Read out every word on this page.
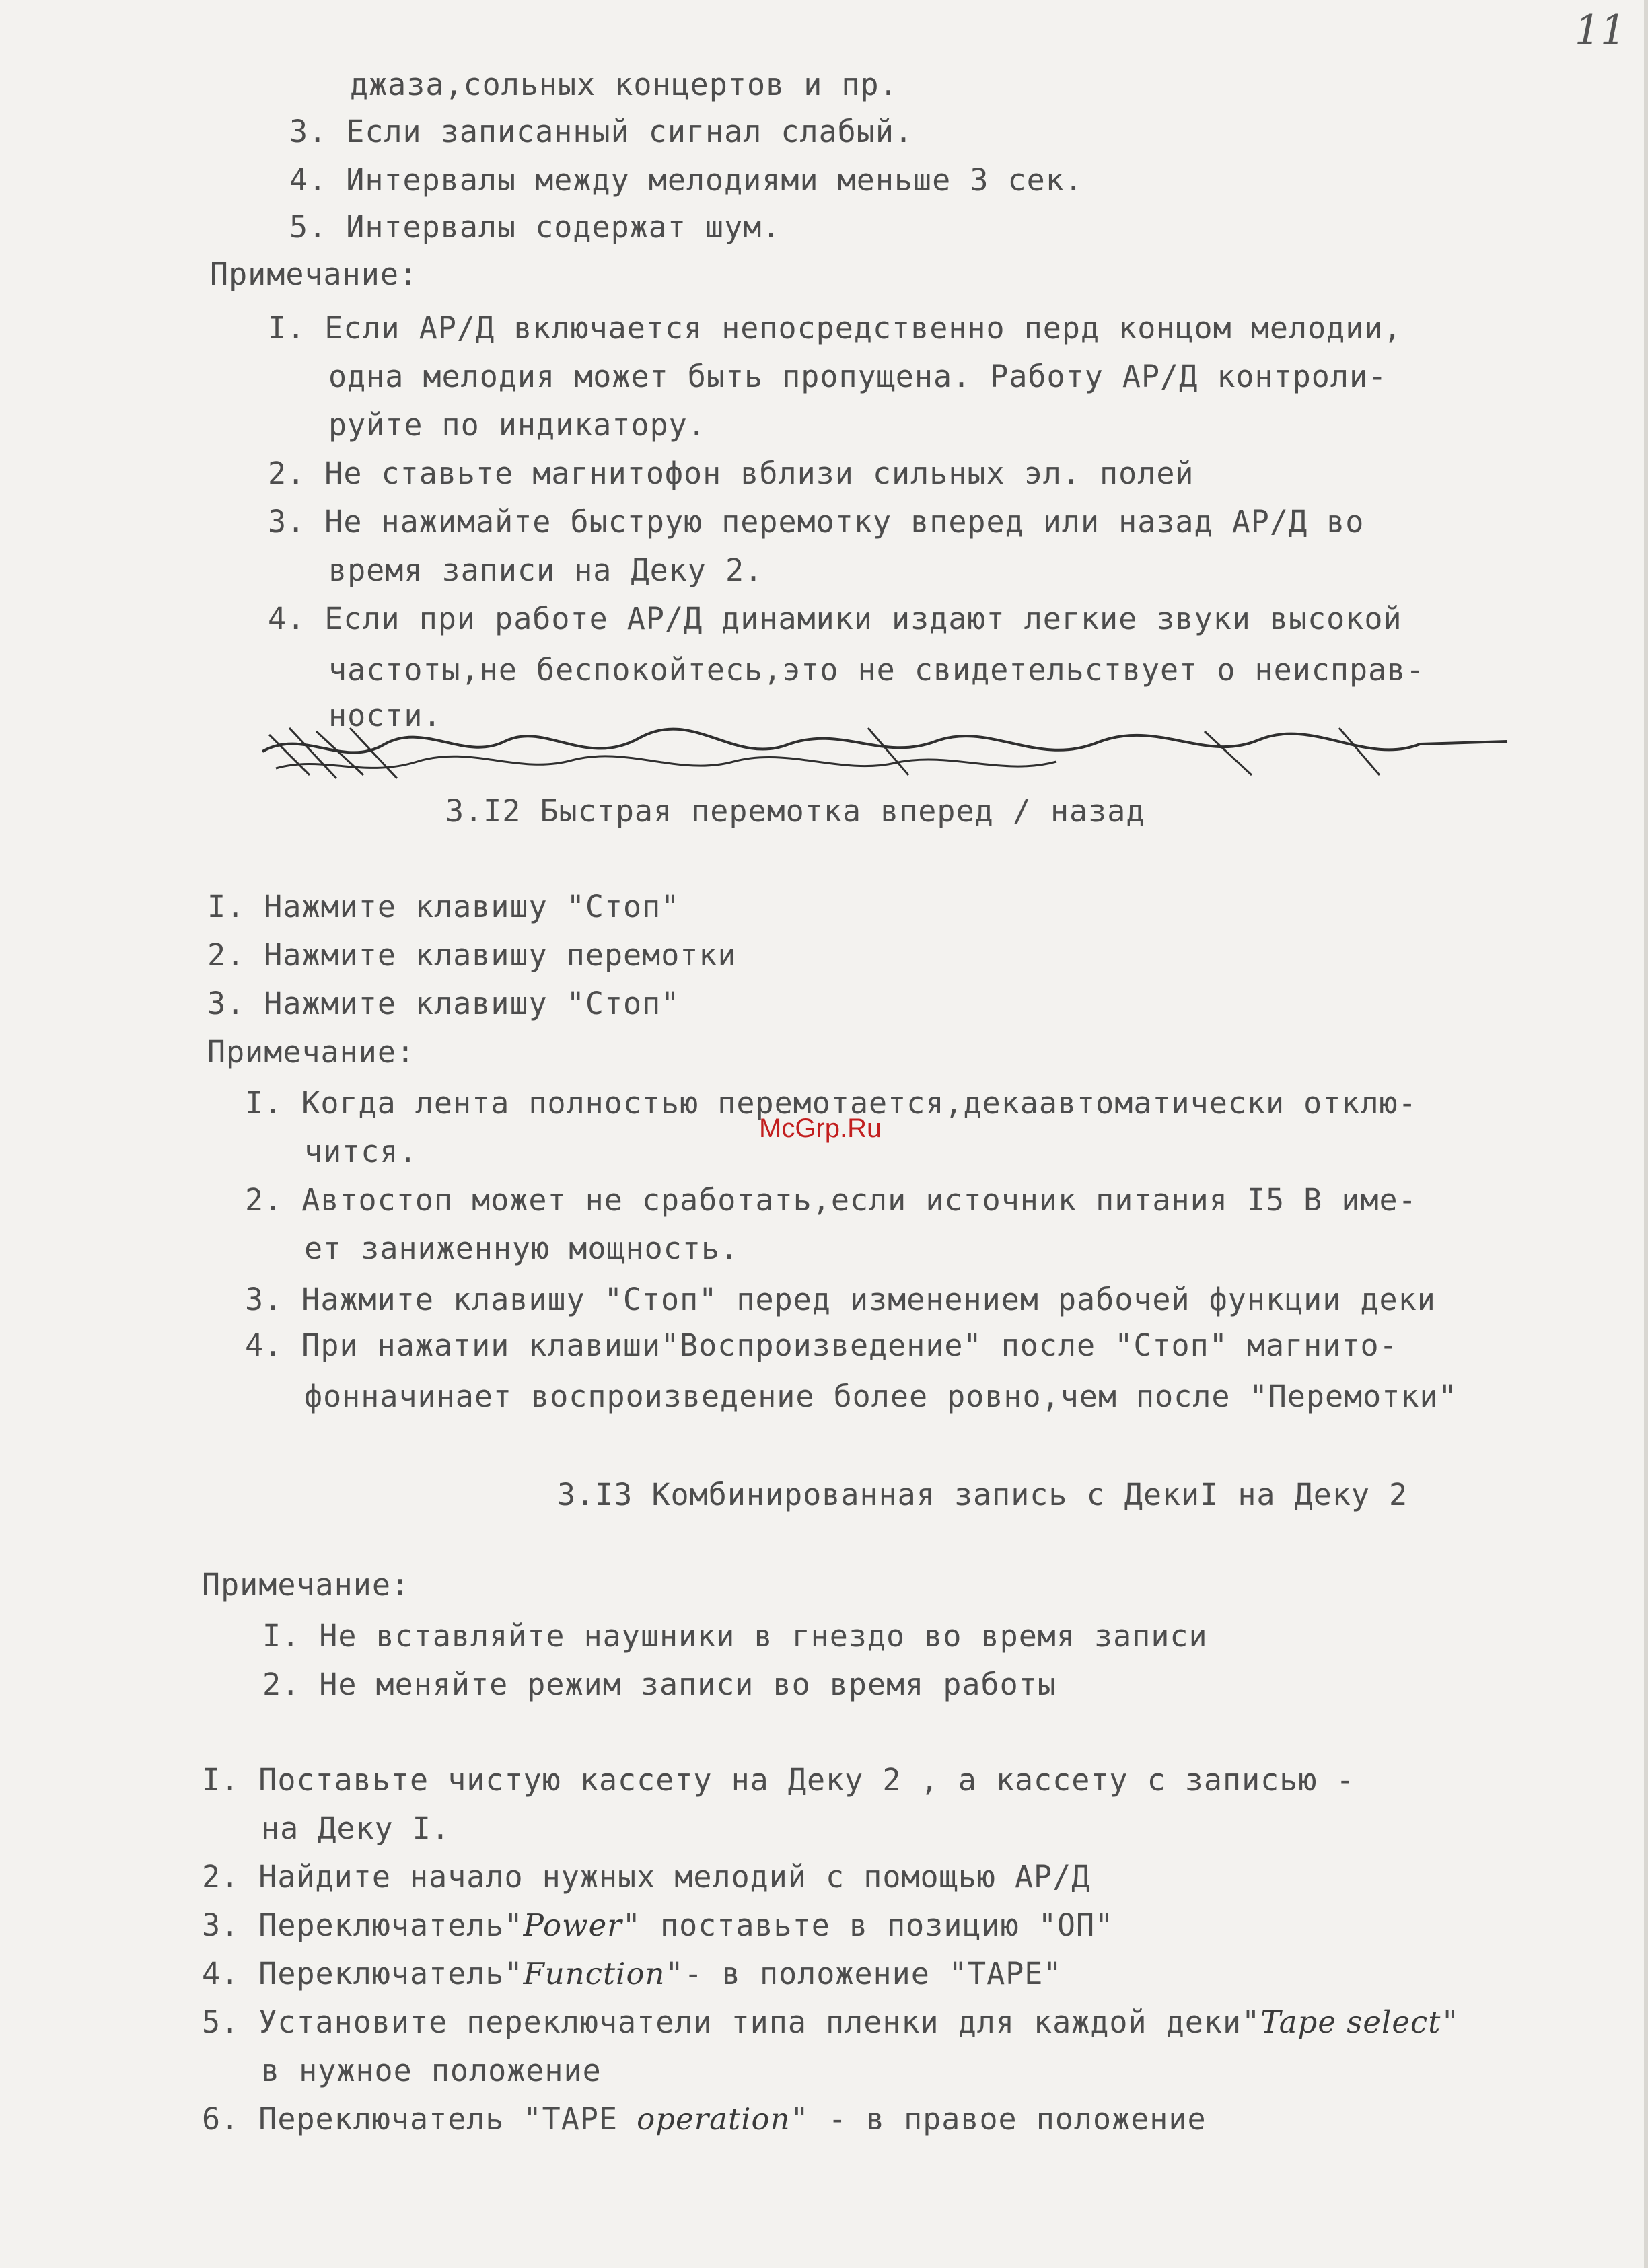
11
джаза,сольных концертов и пр.
3. Если записанный сигнал слабый.
4. Интервалы между мелодиями меньше 3 сек.
5. Интервалы содержат шум.
Примечание:
I. Если АР/Д включается непосредственно перд концом мелодии,
одна мелодия может быть пропущена. Работу АР/Д контроли-
руйте по индикатору.
2. Не ставьте магнитофон вблизи сильных эл. полей
3. Не нажимайте быструю перемотку вперед или назад АР/Д во
время записи на Деку 2.
4. Если при работе АР/Д динамики издают легкие звуки высокой
частоты,не беспокойтесь,это не свидетельствует о неисправ-
ности.
3.I2 Быстрая перемотка вперед / назад
I. Нажмите клавишу "Стоп"
2. Нажмите клавишу перемотки
3. Нажмите клавишу "Стоп"
Примечание:
I. Когда лента полностью перемотается,декаавтоматически отклю-
чится.
2. Автостоп может не сработать,если источник питания I5 В име-
ет заниженную мощность.
3. Нажмите клавишу "Стоп" перед изменением рабочей функции деки
4. При нажатии клавиши"Воспроизведение" после "Стоп" магнито-
фонначинает воспроизведение более ровно,чем после "Перемотки"
McGrp.Ru
3.I3 Комбинированная запись с ДекиI на Деку 2
Примечание:
I. Не вставляйте наушники в гнездо во время записи
2. Не меняйте режим записи во время работы
I. Поставьте чистую кассету на Деку 2 , а кассету с записью -
на Деку I.
2. Найдите начало нужных мелодий с помощью АР/Д
3. Переключатель"Power" поставьте в позицию "ОП"
4. Переключатель"Function"- в положение "TAPE"
5. Установите переключатели типа пленки для каждой деки"Tape select"
в нужное положение
6. Переключатель "TAPE operation" - в правое положение
